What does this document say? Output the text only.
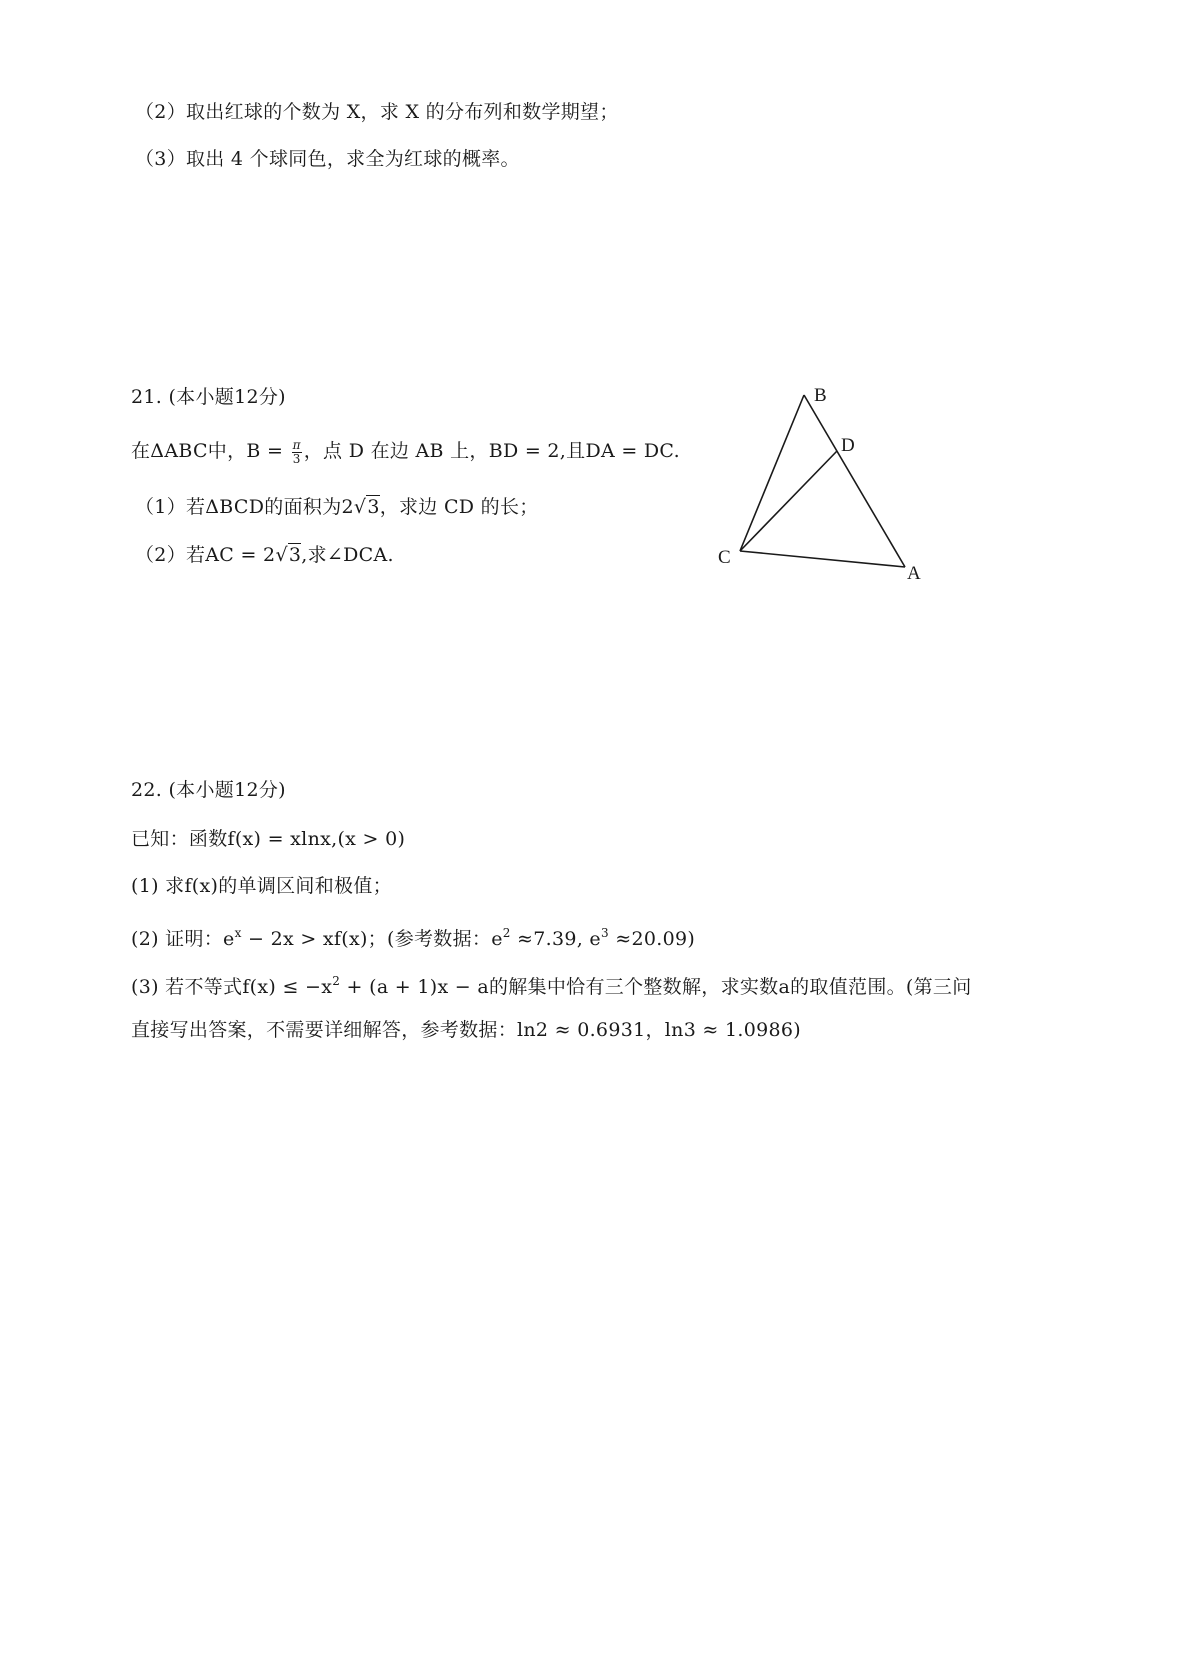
（2）取出红球的个数为 X，求 X 的分布列和数学期望；
（3）取出 4 个球同色，求全为红球的概率。
21. (本小题12分)
在ΔABC中，$B = \frac{\pi}{3}$ ，点 D 在边 AB 上，BD = 2,且DA = DC.
（1）若ΔBCD的面积为2√3，求边 CD 的长；
（2）若AC = 2√3,求∠DCA.
B
D
C
A
22. (本小题12分)
已知：函数f(x) = xlnx,(x > 0)
(1) 求f(x)的单调区间和极值；
(2) 证明：$e^x - 2x > xf(x)$；(参考数据：$e^2 \approx 7.39$, $e^3 \approx 20.09$)
(3) 若不等式$f(x) \le -x^2 + (a + 1)x - a$的解集中恰有三个整数解，求实数a的取值范围。(第三问
直接写出答案，不需要详细解答，参考数据：ln2 ≈ 0.6931，ln3 ≈ 1.0986)
